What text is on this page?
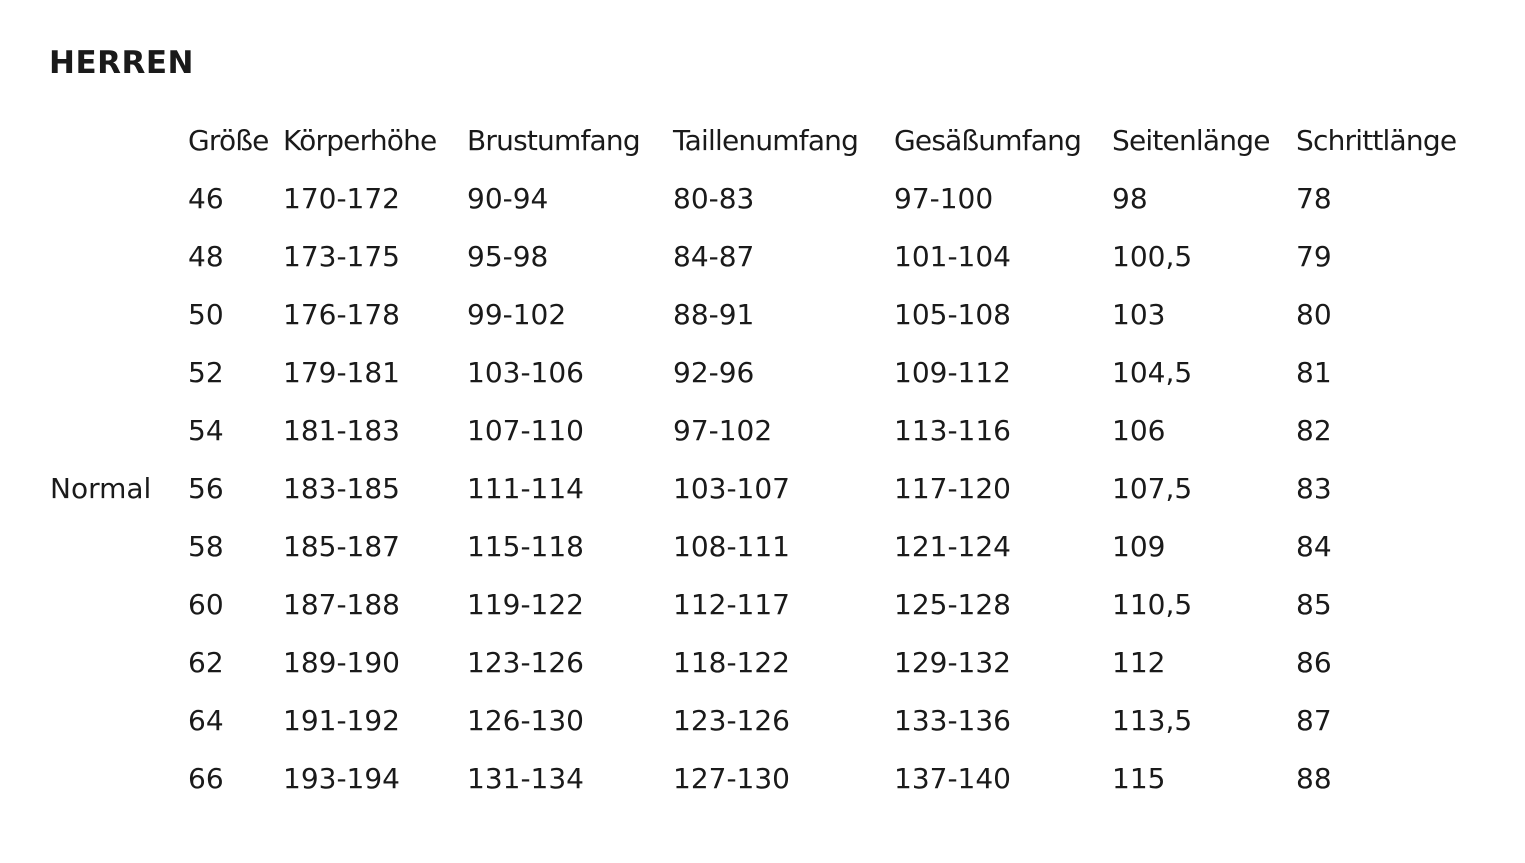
HERREN
	Größe	Körperhöhe	Brustumfang	Taillenumfang	Gesäßumfang	Seitenlänge	Schrittlänge
	46	170-172	90-94	80-83	97-100	98	78
	48	173-175	95-98	84-87	101-104	100,5	79
	50	176-178	99-102	88-91	105-108	103	80
	52	179-181	103-106	92-96	109-112	104,5	81
	54	181-183	107-110	97-102	113-116	106	82
Normal	56	183-185	111-114	103-107	117-120	107,5	83
	58	185-187	115-118	108-111	121-124	109	84
	60	187-188	119-122	112-117	125-128	110,5	85
	62	189-190	123-126	118-122	129-132	112	86
	64	191-192	126-130	123-126	133-136	113,5	87
	66	193-194	131-134	127-130	137-140	115	88
